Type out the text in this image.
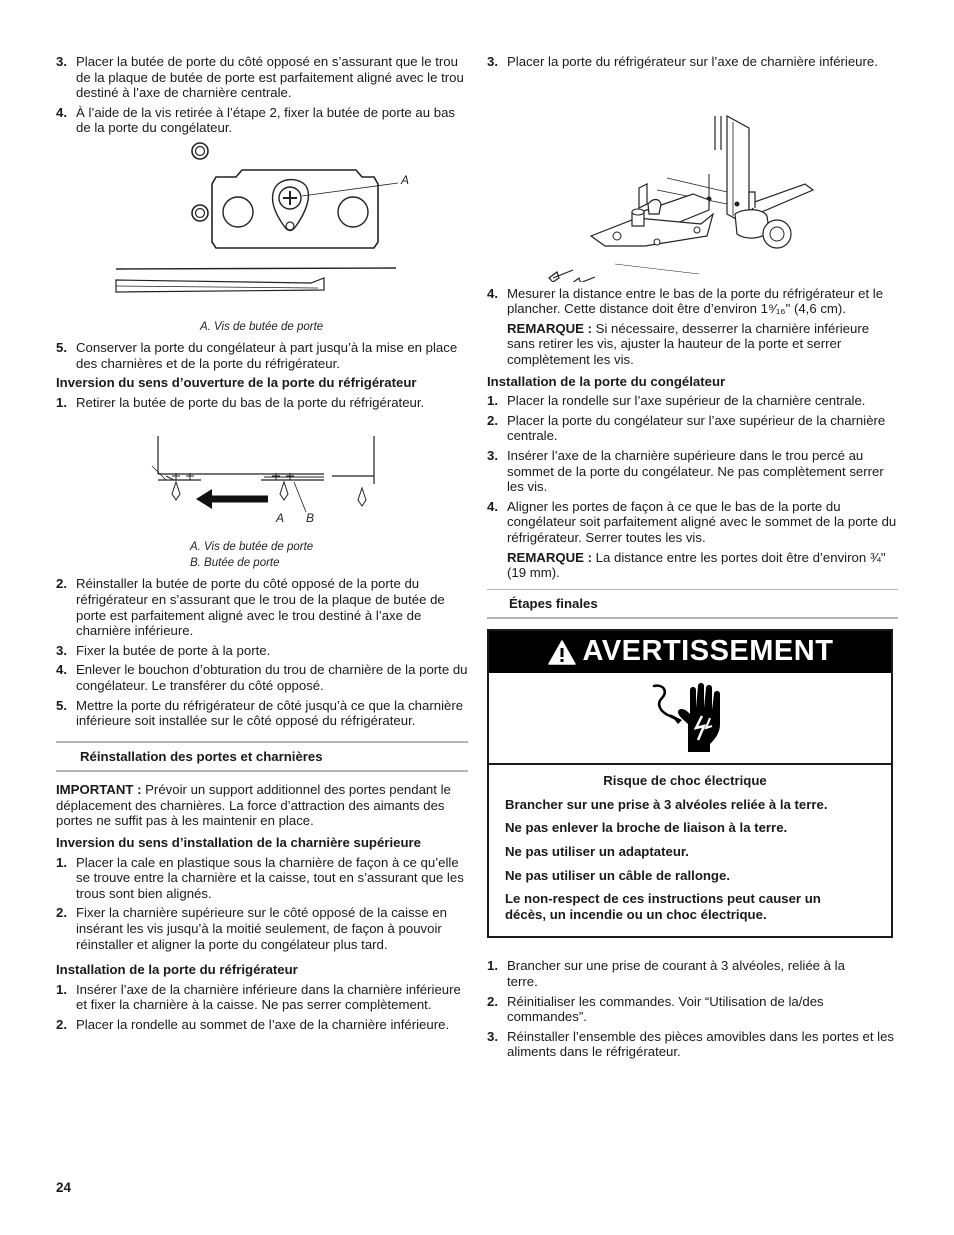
3. Placer la butée de porte du côté opposé en s’assurant que le trou de la plaque de butée de porte est parfaitement aligné avec le trou destiné à l’axe de charnière centrale.
4. À l’aide de la vis retirée à l’étape 2, fixer la butée de porte au bas de la porte du congélateur.
A
A. Vis de butée de porte
5. Conserver la porte du congélateur à part jusqu’à la mise en place des charnières et de la porte du réfrigérateur.
Inversion du sens d’ouverture de la porte du réfrigérateur
1. Retirer la butée de porte du bas de la porte du réfrigérateur.
A B
A. Vis de butée de porte
B. Butée de porte
2. Réinstaller la butée de porte du côté opposé de la porte du réfrigérateur en s’assurant que le trou de la plaque de butée de porte est parfaitement aligné avec le trou destiné à l’axe de charnière inférieure.
3. Fixer la butée de porte à la porte.
4. Enlever le bouchon d’obturation du trou de charnière de la porte du congélateur. Le transférer du côté opposé.
5. Mettre la porte du réfrigérateur de côté jusqu’à ce que la charnière inférieure soit installée sur le côté opposé du réfrigérateur.
Réinstallation des portes et charnières
IMPORTANT : Prévoir un support additionnel des portes pendant le déplacement des charnières. La force d’attraction des aimants des portes ne suffit pas à les maintenir en place.
Inversion du sens d’installation de la charnière supérieure
1. Placer la cale en plastique sous la charnière de façon à ce qu’elle se trouve entre la charnière et la caisse, tout en s’assurant que les trous sont bien alignés.
2. Fixer la charnière supérieure sur le côté opposé de la caisse en insérant les vis jusqu’à la moitié seulement, de façon à pouvoir réinstaller et aligner la porte du congélateur plus tard.
Installation de la porte du réfrigérateur
1. Insérer l’axe de la charnière inférieure dans la charnière inférieure et fixer la charnière à la caisse. Ne pas serrer complètement.
2. Placer la rondelle au sommet de l’axe de la charnière inférieure.
3. Placer la porte du réfrigérateur sur l’axe de charnière inférieure.
4. Mesurer la distance entre le bas de la porte du réfrigérateur et le plancher. Cette distance doit être d’environ 1⁹⁄₁₆" (4,6 cm).
REMARQUE : Si nécessaire, desserrer la charnière inférieure sans retirer les vis, ajuster la hauteur de la porte et serrer complètement les vis.
Installation de la porte du congélateur
1. Placer la rondelle sur l’axe supérieur de la charnière centrale.
2. Placer la porte du congélateur sur l’axe supérieur de la charnière centrale.
3. Insérer l’axe de la charnière supérieure dans le trou percé au sommet de la porte du congélateur. Ne pas complètement serrer les vis.
4. Aligner les portes de façon à ce que le bas de la porte du congélateur soit parfaitement aligné avec le sommet de la porte du réfrigérateur. Serrer toutes les vis.
REMARQUE : La distance entre les portes doit être d’environ ¾" (19 mm).
Étapes finales
AVERTISSEMENT
Risque de choc électrique
Brancher sur une prise à 3 alvéoles reliée à la terre.
Ne pas enlever la broche de liaison à la terre.
Ne pas utiliser un adaptateur.
Ne pas utiliser un câble de rallonge.
Le non-respect de ces instructions peut causer un décès, un incendie ou un choc électrique.
1. Brancher sur une prise de courant à 3 alvéoles, reliée à la terre.
2. Réinitialiser les commandes. Voir “Utilisation de la/des commandes”.
3. Réinstaller l’ensemble des pièces amovibles dans les portes et les aliments dans le réfrigérateur.
24
